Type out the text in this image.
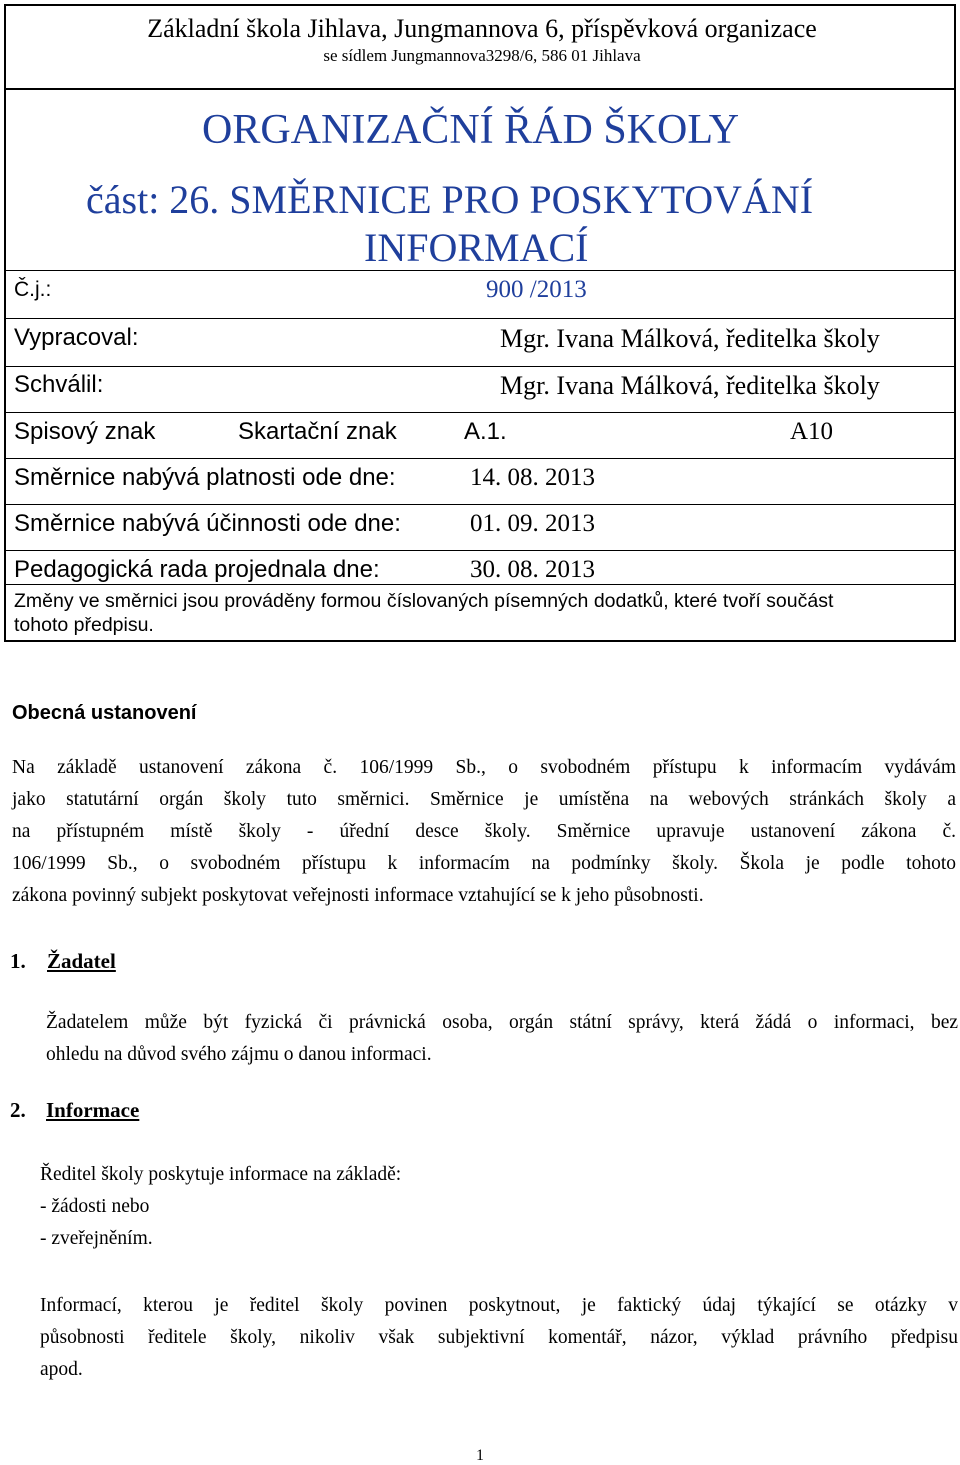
Základní škola Jihlava, Jungmannova 6, příspěvková organizace
se sídlem Jungmannova3298/6, 586 01 Jihlava
ORGANIZAČNÍ ŘÁD ŠKOLY
část: 26. SMĚRNICE PRO POSKYTOVÁNÍ
INFORMACÍ
Č.j.:	900 /2013
Vypracoval:	Mgr. Ivana Málková, ředitelka školy
Schválil:	Mgr. Ivana Málková, ředitelka školy
Spisový znak	Skartační znak	A.1.	A10
Směrnice nabývá platnosti ode dne:	14. 08. 2013
Směrnice nabývá účinnosti ode dne:	01. 09. 2013
Pedagogická rada projednala dne:	30. 08. 2013
Změny ve směrnici jsou prováděny formou číslovaných písemných dodatků, které tvoří součást
tohoto předpisu.
Obecná ustanovení
Na základě ustanovení zákona č. 106/1999 Sb., o svobodném přístupu k informacím vydávám
jako statutární orgán školy tuto směrnici. Směrnice je umístěna na webových stránkách školy a
na přístupném místě školy - úřední desce školy. Směrnice upravuje ustanovení zákona č.
106/1999 Sb., o svobodném přístupu k informacím na podmínky školy. Škola je podle tohoto
zákona povinný subjekt poskytovat veřejnosti informace vztahující se k jeho působnosti.
1. Žadatel
Žadatelem může být fyzická či právnická osoba, orgán státní správy, která žádá o informaci, bez
ohledu na důvod svého zájmu o danou informaci.
2. Informace
Ředitel školy poskytuje informace na základě:
- žádosti nebo
- zveřejněním.
Informací, kterou je ředitel školy povinen poskytnout, je faktický údaj týkající se otázky v
působnosti ředitele školy, nikoliv však subjektivní komentář, názor, výklad právního předpisu
apod.
1
